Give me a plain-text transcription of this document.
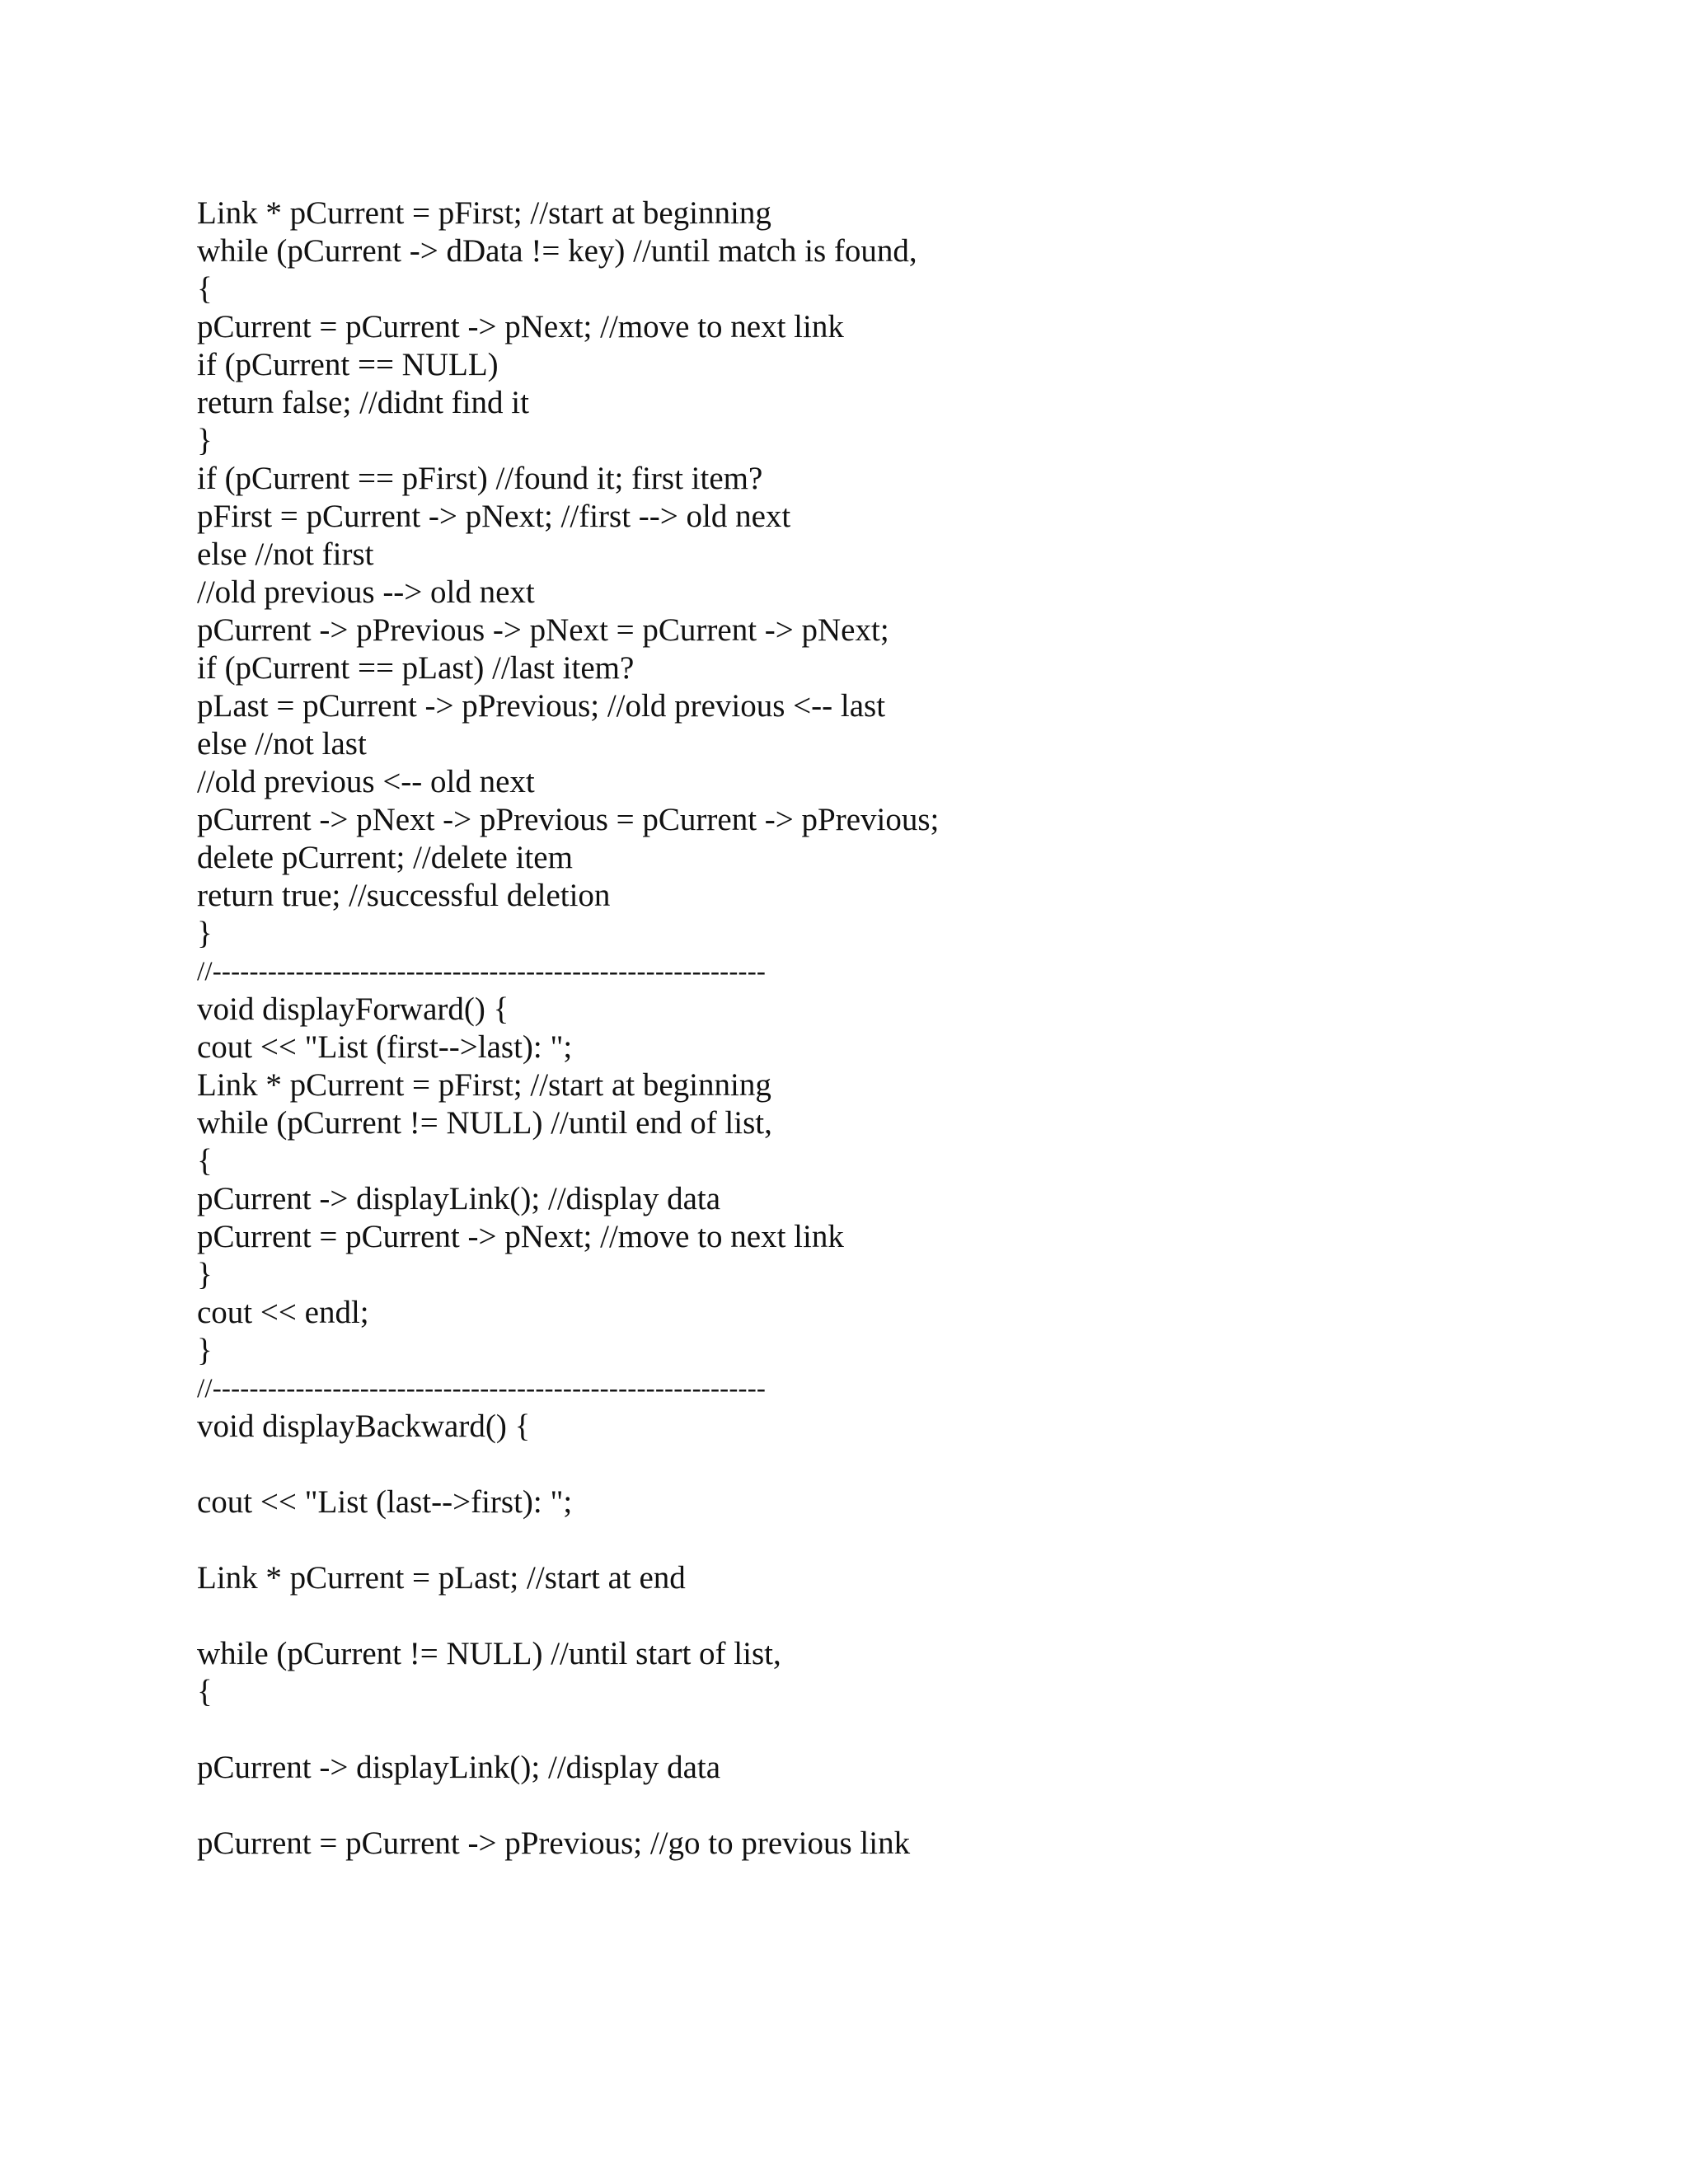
Link * pCurrent = pFirst; //start at beginning
while (pCurrent -> dData != key) //until match is found,
{
pCurrent = pCurrent -> pNext; //move to next link
if (pCurrent == NULL)
return false; //didnt find it
}
if (pCurrent == pFirst) //found it; first item?
pFirst = pCurrent -> pNext; //first --> old next
else //not first
//old previous --> old next
pCurrent -> pPrevious -> pNext = pCurrent -> pNext;
if (pCurrent == pLast) //last item?
pLast = pCurrent -> pPrevious; //old previous <-- last
else //not last
//old previous <-- old next
pCurrent -> pNext -> pPrevious = pCurrent -> pPrevious;
delete pCurrent; //delete item
return true; //successful deletion
}
//------------------------------------------------------------
void displayForward() {
cout << "List (first-->last): ";
Link * pCurrent = pFirst; //start at beginning
while (pCurrent != NULL) //until end of list,
{
pCurrent -> displayLink(); //display data
pCurrent = pCurrent -> pNext; //move to next link
}
cout << endl;
}
//------------------------------------------------------------
void displayBackward() {
cout << "List (last-->first): ";
Link * pCurrent = pLast; //start at end
while (pCurrent != NULL) //until start of list,
{
pCurrent -> displayLink(); //display data
pCurrent = pCurrent -> pPrevious; //go to previous link
